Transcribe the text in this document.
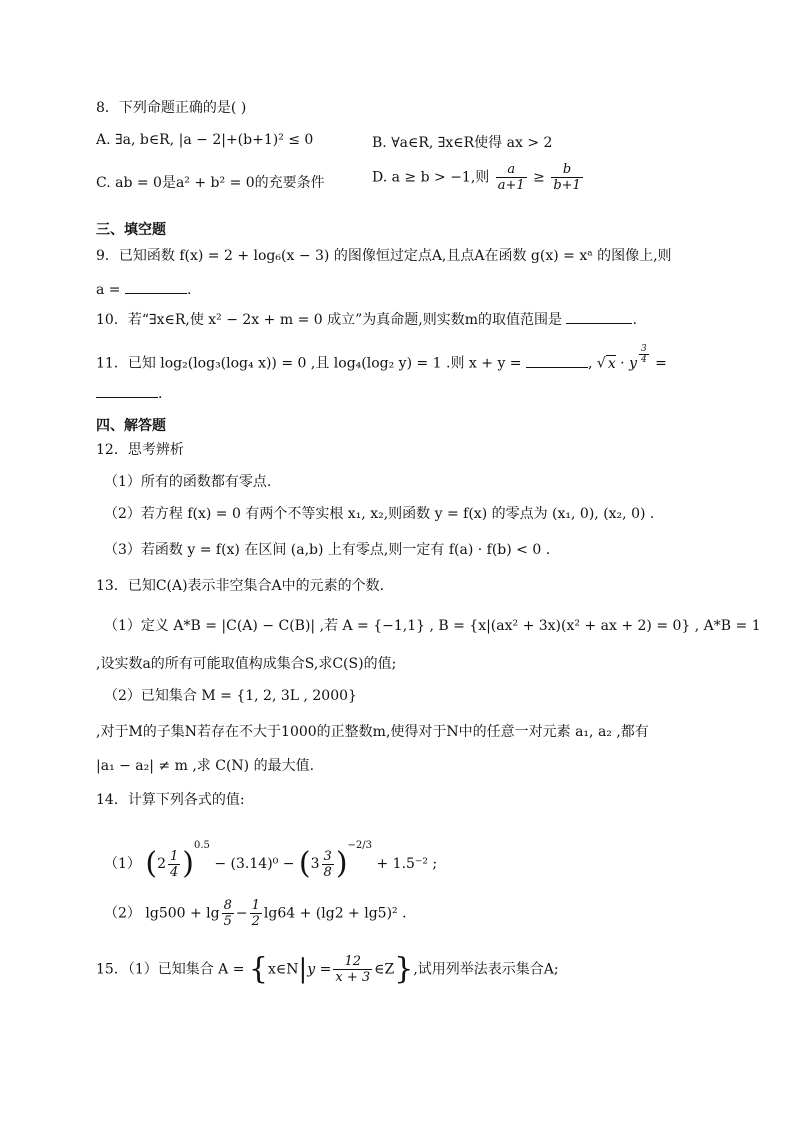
8．下列命题正确的是( )
A. ∃a, b∈R, |a − 2|+(b+1)² ≤ 0	B. ∀a∈R, ∃x∈R使得 ax > 2
C. ab = 0是a² + b² = 0的充要条件	D. a ≥ b > −1,则 $\frac{a}{a+1} \ge \frac{b}{b+1}$
三、填空题
9．已知函数 f(x) = 2 + log₆(x − 3) 的图像恒过定点A,且点A在函数 g(x) = xᵃ 的图像上,则
a =	.
10．若“∃x∈R,使 x² − 2x + m = 0 成立”为真命题,则实数m的取值范围是	.
11．已知 log₂(log₃(log₄ x)) = 0 ,且 log₄(log₂ y) = 1 .则 x + y =	, √ x · y $\frac{3}{4}$ =
.
四、解答题
12．思考辨析
（1）所有的函数都有零点.
（2）若方程 f(x) = 0 有两个不等实根 x₁, x₂,则函数 y = f(x) 的零点为 (x₁, 0), (x₂, 0) .
（3）若函数 y = f(x) 在区间 (a,b) 上有零点,则一定有 f(a) · f(b) < 0 .
13．已知C(A)表示非空集合A中的元素的个数.
（1）定义 A*B = |C(A) − C(B)| ,若 A = {−1,1} , B = {x|(ax² + 3x)(x² + ax + 2) = 0} , A*B = 1
,设实数a的所有可能取值构成集合S,求C(S)的值;
（2）已知集合 M = {1, 2, 3L , 2000}
,对于M的子集N若存在不大于1000的正整数m,使得对于N中的任意一对元素 a₁, a₂ ,都有
|a₁ − a₂| ≠ m ,求 C(N) 的最大值.
14．计算下列各式的值:
（1） $(2 \frac{1}{4} )^{0.5} - (3.14)^0 - (3 \frac{3}{8} )^{-2/3} + 1.5^{-2}$ ;
（2） $\lg 500 + \lg \frac{8}{5} - \frac{1}{2} \lg 64 + (\lg 2 + \lg 5)^2$ .
15．（1）已知集合 A = {x∈N|y = $\frac{12}{x + 3}$ ∈Z},试用列举法表示集合A;
